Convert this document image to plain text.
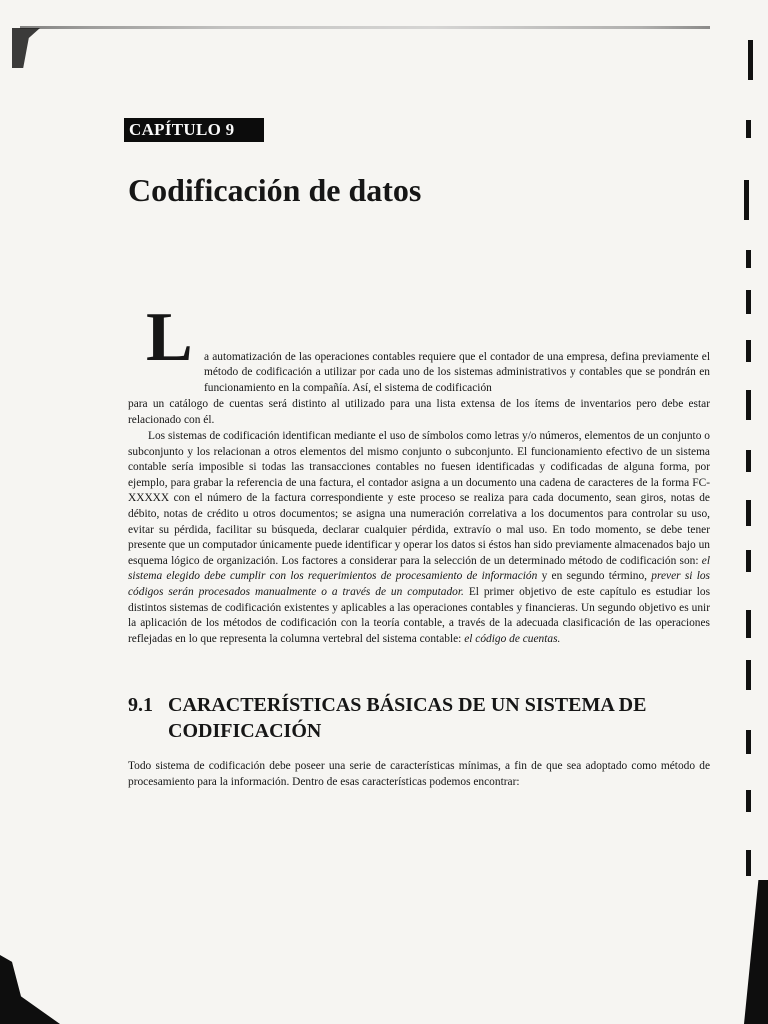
CAPÍTULO 9
Codificación de datos
L a automatización de las operaciones contables requiere que el contador de una empresa, defina previamente el método de codificación a utilizar por cada uno de los sistemas administrativos y contables que se pondrán en funcionamiento en la compañía. Así, el sistema de codificación

para un catálogo de cuentas será distinto al utilizado para una lista extensa de los ítems de inventarios pero debe estar relacionado con él.

Los sistemas de codificación identifican mediante el uso de símbolos como letras y/o números, elementos de un conjunto o subconjunto y los relacionan a otros elementos del mismo conjunto o subconjunto. El funcionamiento efectivo de un sistema contable sería imposible si todas las transacciones contables no fuesen identificadas y codificadas de alguna forma, por ejemplo, para grabar la referencia de una factura, el contador asigna a un documento una cadena de caracteres de la forma FC-XXXXX con el número de la factura correspondiente y este proceso se realiza para cada documento, sean giros, notas de débito, notas de crédito u otros documentos; se asigna una numeración correlativa a los documentos para controlar su uso, evitar su pérdida, facilitar su búsqueda, declarar cualquier pérdida, extravío o mal uso. En todo momento, se debe tener presente que un computador únicamente puede identificar y operar los datos si éstos han sido previamente almacenados bajo un esquema lógico de organización. Los factores a considerar para la selección de un determinado método de codificación son: el sistema elegido debe cumplir con los requerimientos de procesamiento de información y en segundo término, prever si los códigos serán procesados manualmente o a través de un computador. El primer objetivo de este capítulo es estudiar los distintos sistemas de codificación existentes y aplicables a las operaciones contables y financieras. Un segundo objetivo es unir la aplicación de los métodos de codificación con la teoría contable, a través de la adecuada clasificación de las operaciones reflejadas en lo que representa la columna vertebral del sistema contable: el código de cuentas.

9.1 CARACTERÍSTICAS BÁSICAS DE UN SISTEMA DE
CODIFICACIÓN

Todo sistema de codificación debe poseer una serie de características mínimas, a fin de que sea adoptado como método de procesamiento para la información. Dentro de esas características podemos encontrar:
